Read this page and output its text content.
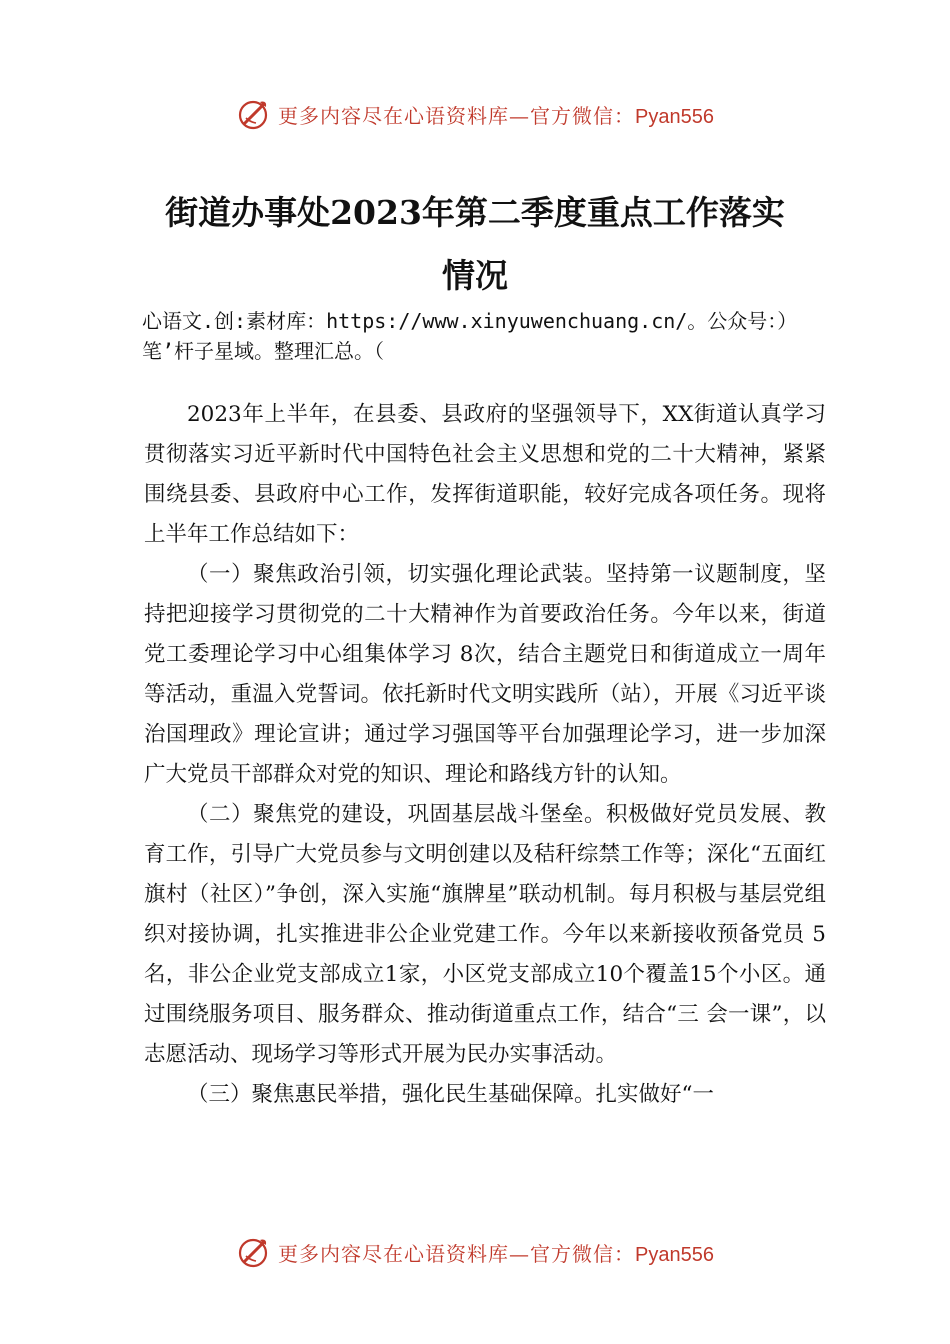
更多内容尽在心语资料库—官方微信：Pyan556
街道办事处2023年第二季度重点工作落实
情况
心语文.创:素材库：https://www.xinyuwenchuang.cn/。公众号：）笔’杆子星域。整理汇总。（

2023年上半年，在县委、县政府的坚强领导下，XX街道认真学习贯彻落实习近平新时代中国特色社会主义思想和党的二十大精神，紧紧围绕县委、县政府中心工作，发挥街道职能，较好完成各项任务。现将上半年工作总结如下：

（一）聚焦政治引领，切实强化理论武装。坚持第一议题制度，坚持把迎接学习贯彻党的二十大精神作为首要政治任务。今年以来，街道党工委理论学习中心组集体学习 8次，结合主题党日和街道成立一周年等活动，重温入党誓词。依托新时代文明实践所（站），开展《习近平谈治国理政》理论宣讲；通过学习强国等平台加强理论学习，进一步加深广大党员干部群众对党的知识、理论和路线方针的认知。

（二）聚焦党的建设，巩固基层战斗堡垒。积极做好党员发展、教育工作，引导广大党员参与文明创建以及秸秆综禁工作等；深化“五面红旗村（社区）”争创，深入实施“旗牌星”联动机制。每月积极与基层党组织对接协调，扎实推进非公企业党建工作。今年以来新接收预备党员 5名，非公企业党支部成立1家，小区党支部成立10个覆盖15个小区。通过围绕服务项目、服务群众、推动街道重点工作，结合“三 会一课”，以志愿活动、现场学习等形式开展为民办实事活动。

（三）聚焦惠民举措，强化民生基础保障。扎实做好“一

更多内容尽在心语资料库—官方微信：Pyan556
